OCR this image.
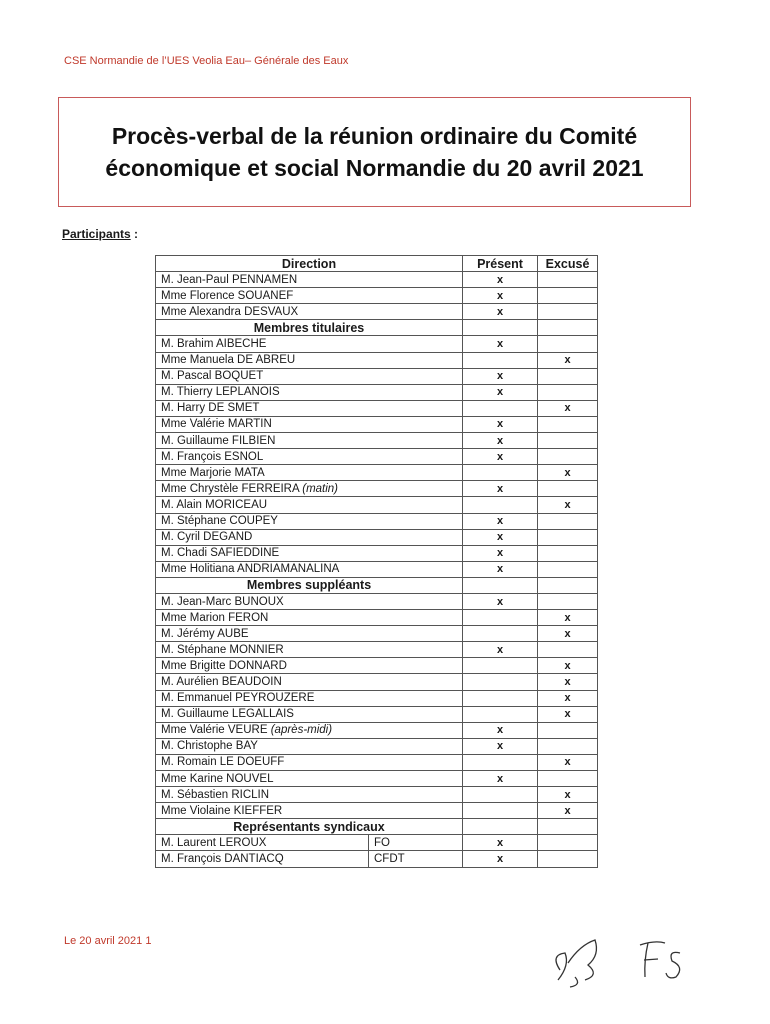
CSE Normandie de l’UES Veolia Eau– Générale des Eaux
Procès-verbal de la réunion ordinaire du Comité économique et social Normandie du 20 avril 2021
Participants :
Direction		Présent	Excusé
M. Jean-Paul PENNAMEN		x	
Mme Florence SOUANEF		x	
Mme Alexandra DESVAUX		x	
Membres titulaires			
M. Brahim AIBECHE		x	
Mme Manuela DE ABREU			x
M. Pascal BOQUET		x	
M. Thierry LEPLANOIS		x	
M. Harry DE SMET			x
Mme Valérie MARTIN		x	
M. Guillaume FILBIEN		x	
M. François ESNOL		x	
Mme Marjorie MATA			x
Mme Chrystèle FERREIRA (matin)		x	
M. Alain MORICEAU			x
M. Stéphane COUPEY		x	
M. Cyril DEGAND		x	
M. Chadi SAFIEDDINE		x	
Mme Holitiana ANDRIAMANALINA		x	
Membres suppléants			
M. Jean-Marc BUNOUX		x	
Mme Marion FERON			x
M. Jérémy AUBE			x
M. Stéphane MONNIER		x	
Mme Brigitte DONNARD			x
M. Aurélien BEAUDOIN			x
M. Emmanuel PEYROUZERE			x
M. Guillaume LEGALLAIS			x
Mme Valérie VEURE (après-midi)		x	
M. Christophe BAY		x	
M. Romain LE DOEUFF			x
Mme Karine NOUVEL		x	
M. Sébastien RICLIN			x
Mme Violaine KIEFFER			x
Représentants syndicaux			
M. Laurent LEROUX	FO	x	
M. François DANTIACQ	CFDT	x	
Le 20 avril 2021 1
